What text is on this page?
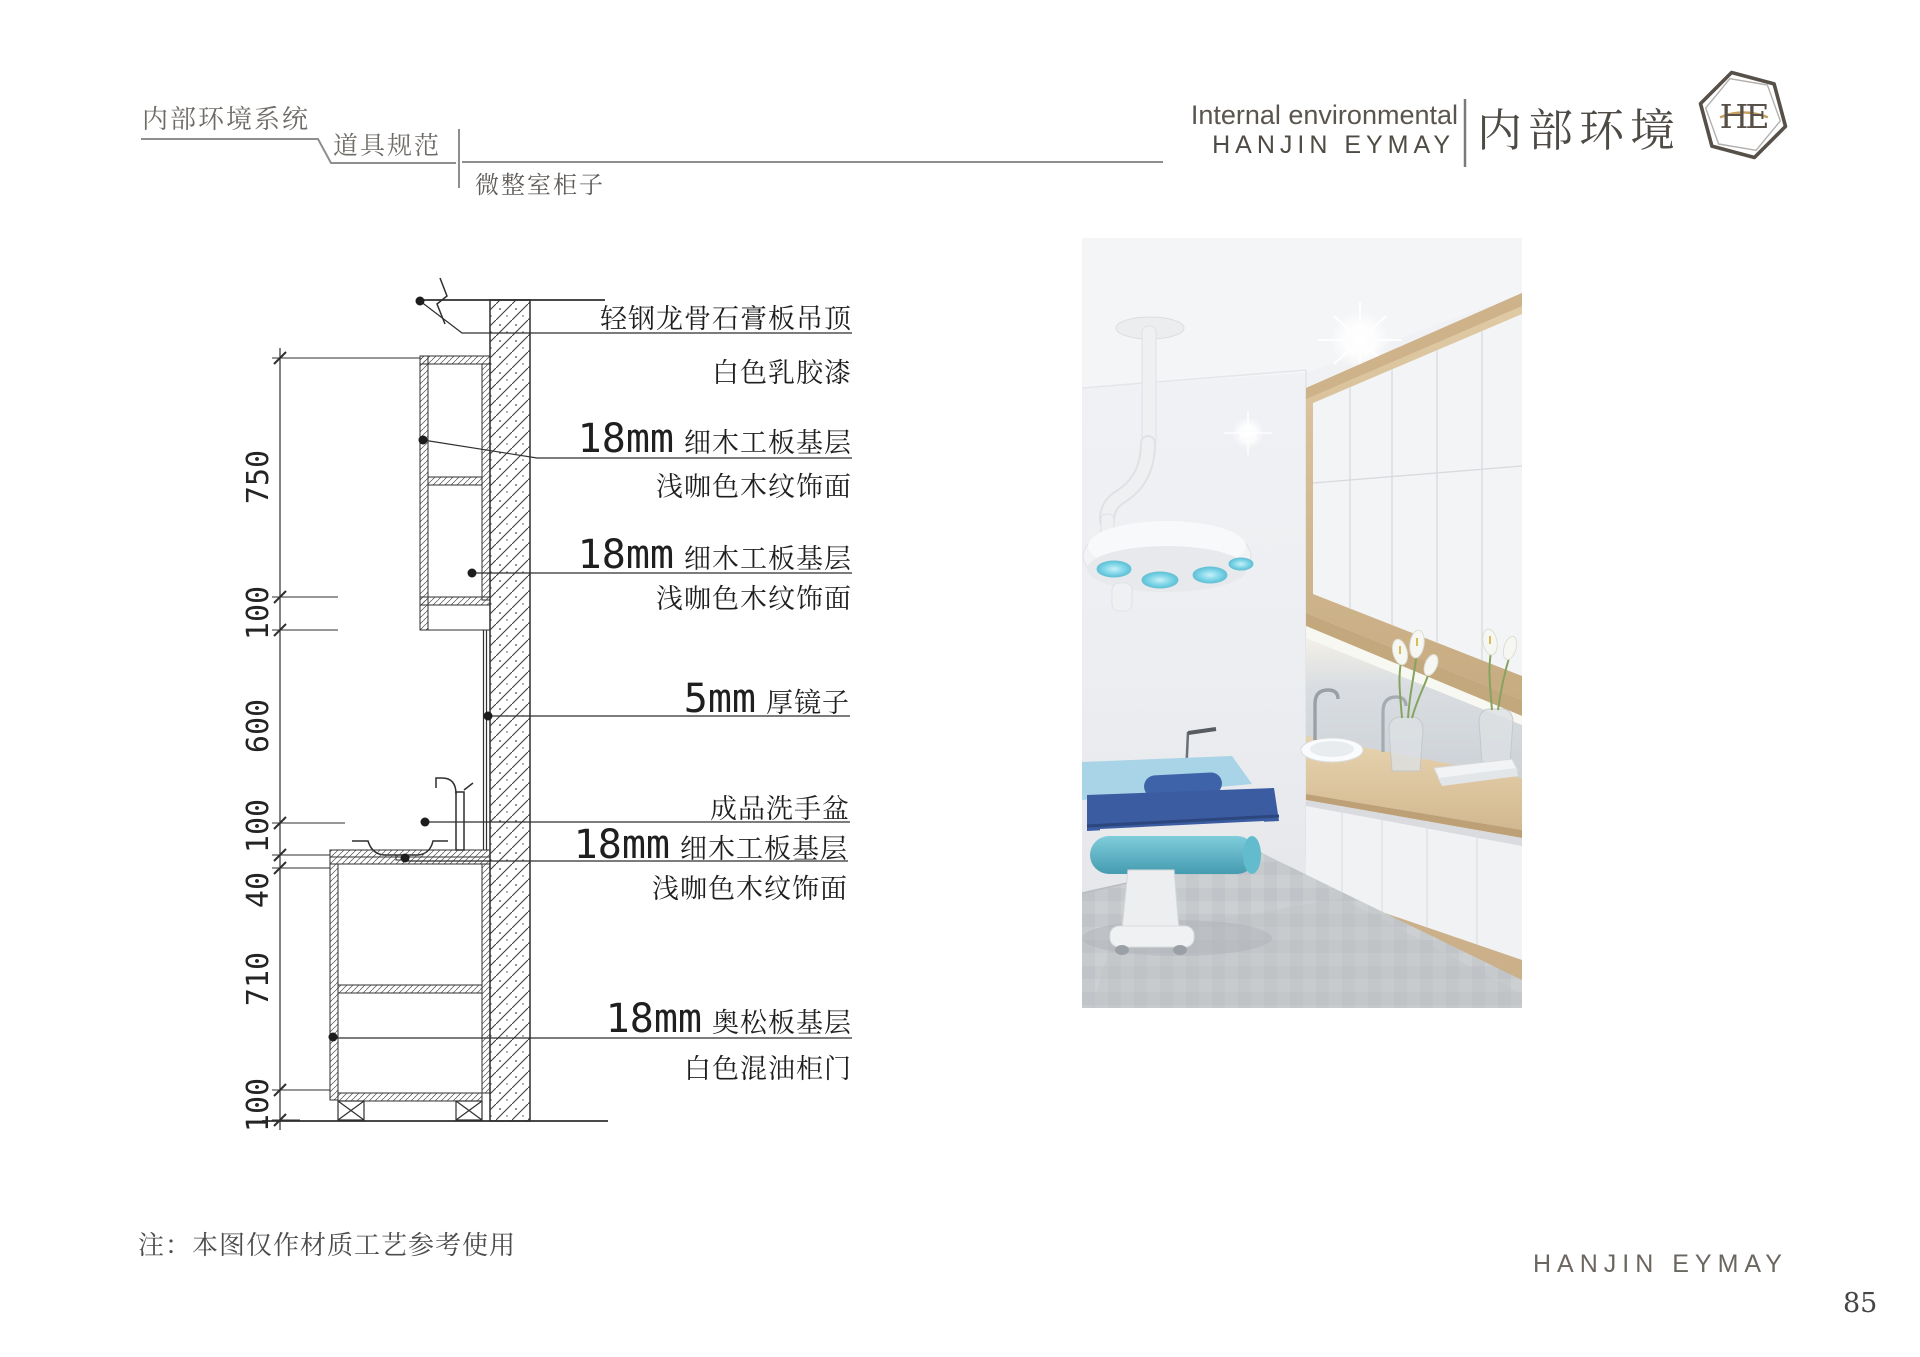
内部环境系统
道具规范
微整室柜子
Internal environmental
HANJIN EYMAY 内部环境 HE
750
100
600
100
40
710
100
轻钢龙骨石膏板吊顶
白色乳胶漆
18mm 细木工板基层
浅咖色木纹饰面
18mm 细木工板基层
浅咖色木纹饰面
5mm 厚镜子
成品洗手盆
18mm 细木工板基层
浅咖色木纹饰面
18mm 奥松板基层
白色混油柜门
注：本图仅作材质工艺参考使用
HANJIN EYMAY
85
